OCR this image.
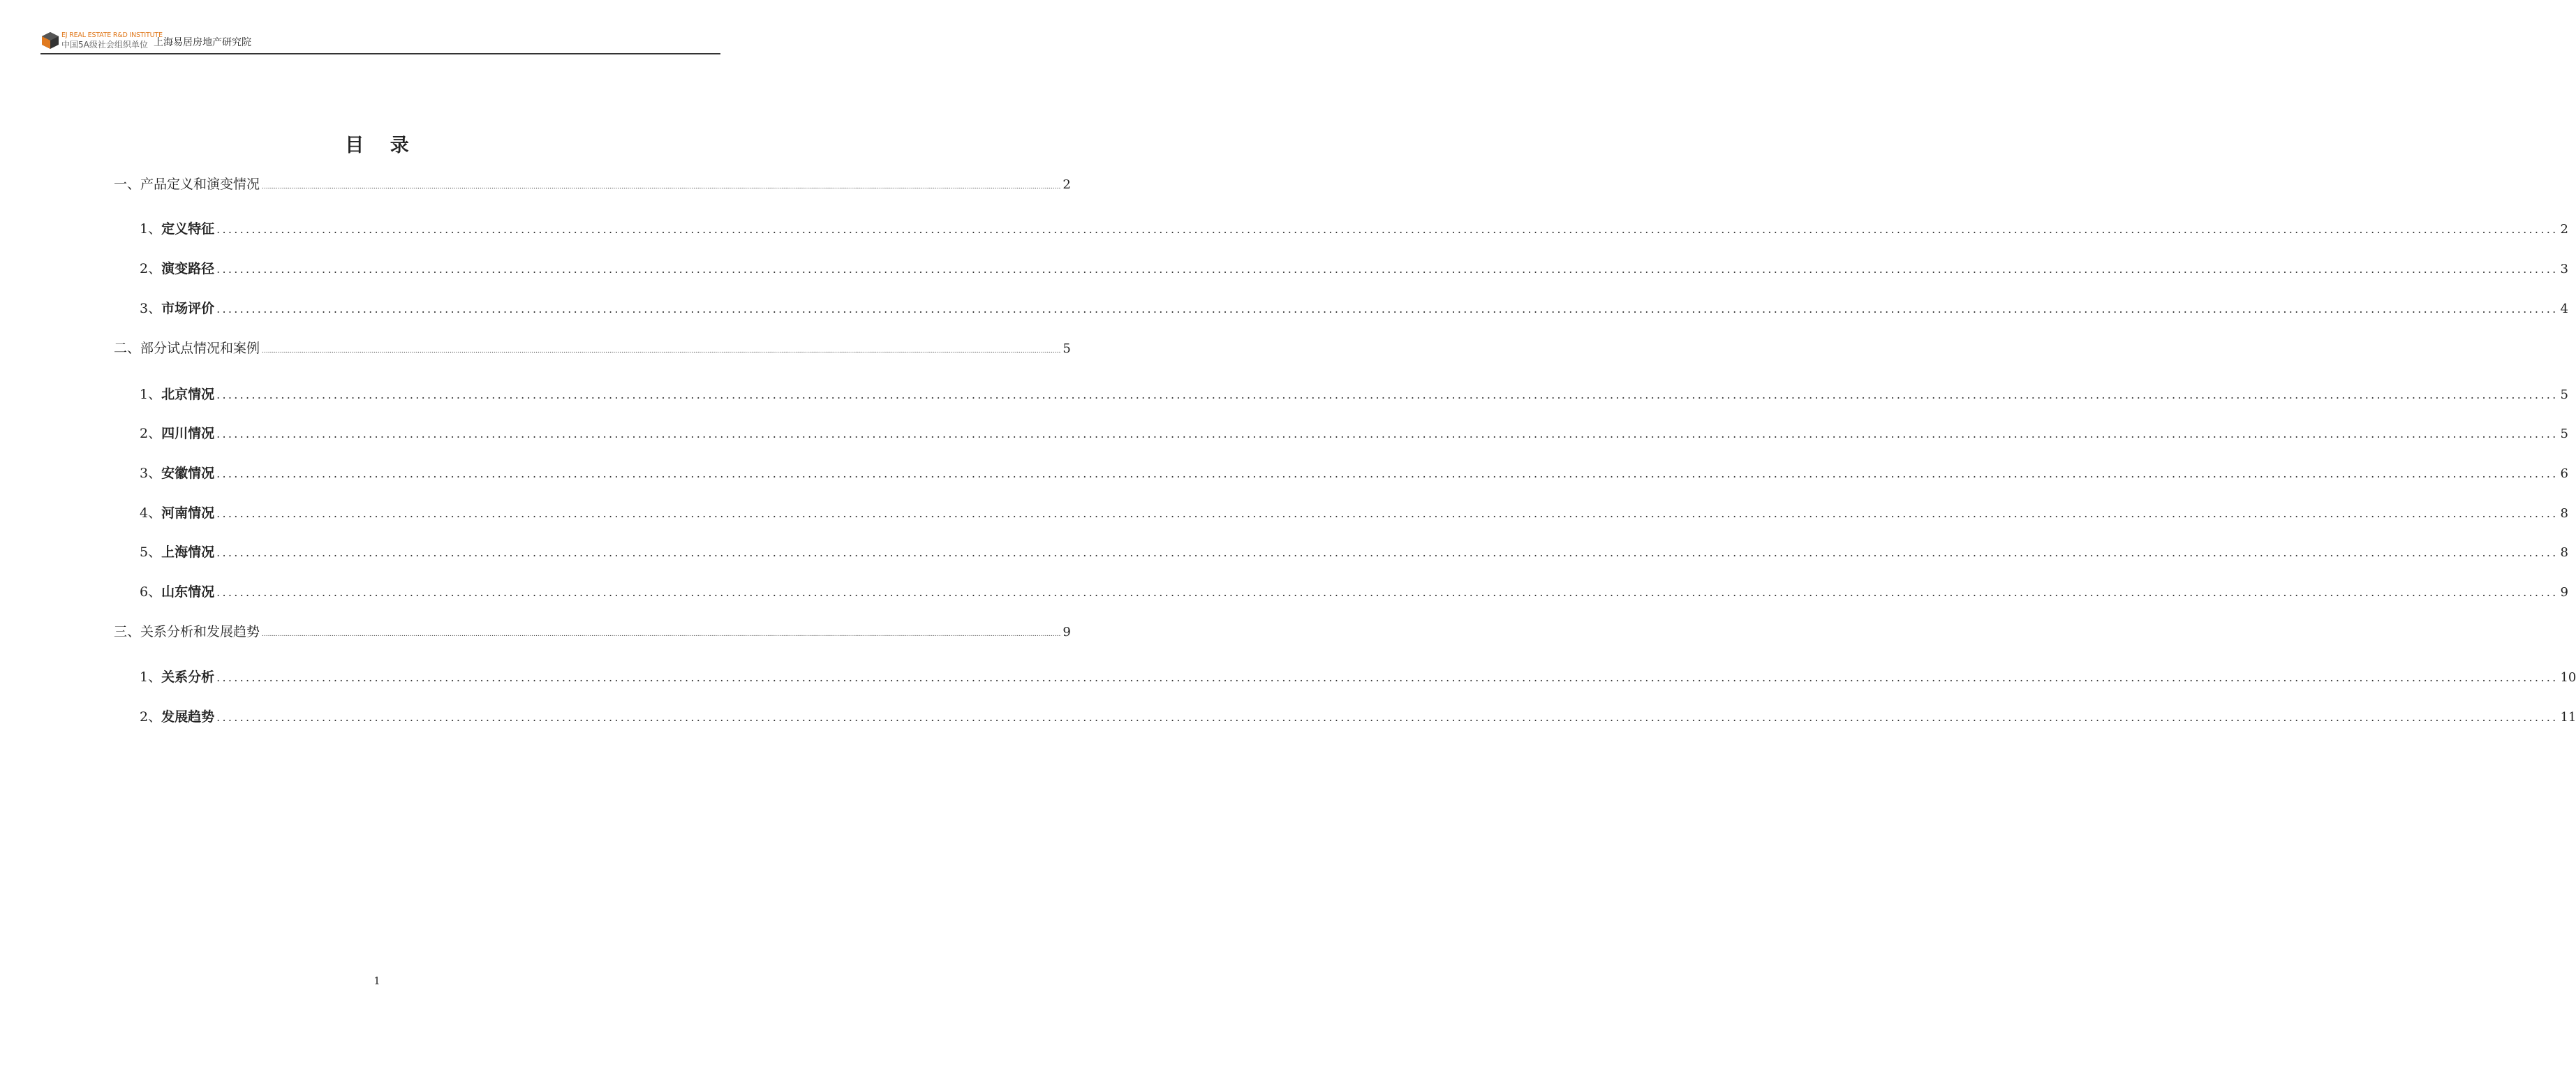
EJ REAL ESTATE R&D INSTITUTE
中国5A级社会组织单位 上海易居房地产研究院
目 录
一、 产品定义和演变情况 ................................................................................................................................................................................................................................................................................................................................................................................................................ 2
1、 定义特征 ................................................................................................................................................................................................................................................................................................................................................................................................................ 2
2、 演变路径 ................................................................................................................................................................................................................................................................................................................................................................................................................ 3
3、 市场评价 ................................................................................................................................................................................................................................................................................................................................................................................................................ 4
二、 部分试点情况和案例 ................................................................................................................................................................................................................................................................................................................................................................................................................ 5
1、 北京情况 ................................................................................................................................................................................................................................................................................................................................................................................................................ 5
2、 四川情况 ................................................................................................................................................................................................................................................................................................................................................................................................................ 5
3、 安徽情况 ................................................................................................................................................................................................................................................................................................................................................................................................................ 6
4、 河南情况 ................................................................................................................................................................................................................................................................................................................................................................................................................ 8
5、 上海情况 ................................................................................................................................................................................................................................................................................................................................................................................................................ 8
6、 山东情况 ................................................................................................................................................................................................................................................................................................................................................................................................................ 9
三、 关系分析和发展趋势 ................................................................................................................................................................................................................................................................................................................................................................................................................ 9
1、 关系分析 ................................................................................................................................................................................................................................................................................................................................................................................................................ 10
2、 发展趋势 ................................................................................................................................................................................................................................................................................................................................................................................................................ 11
1
